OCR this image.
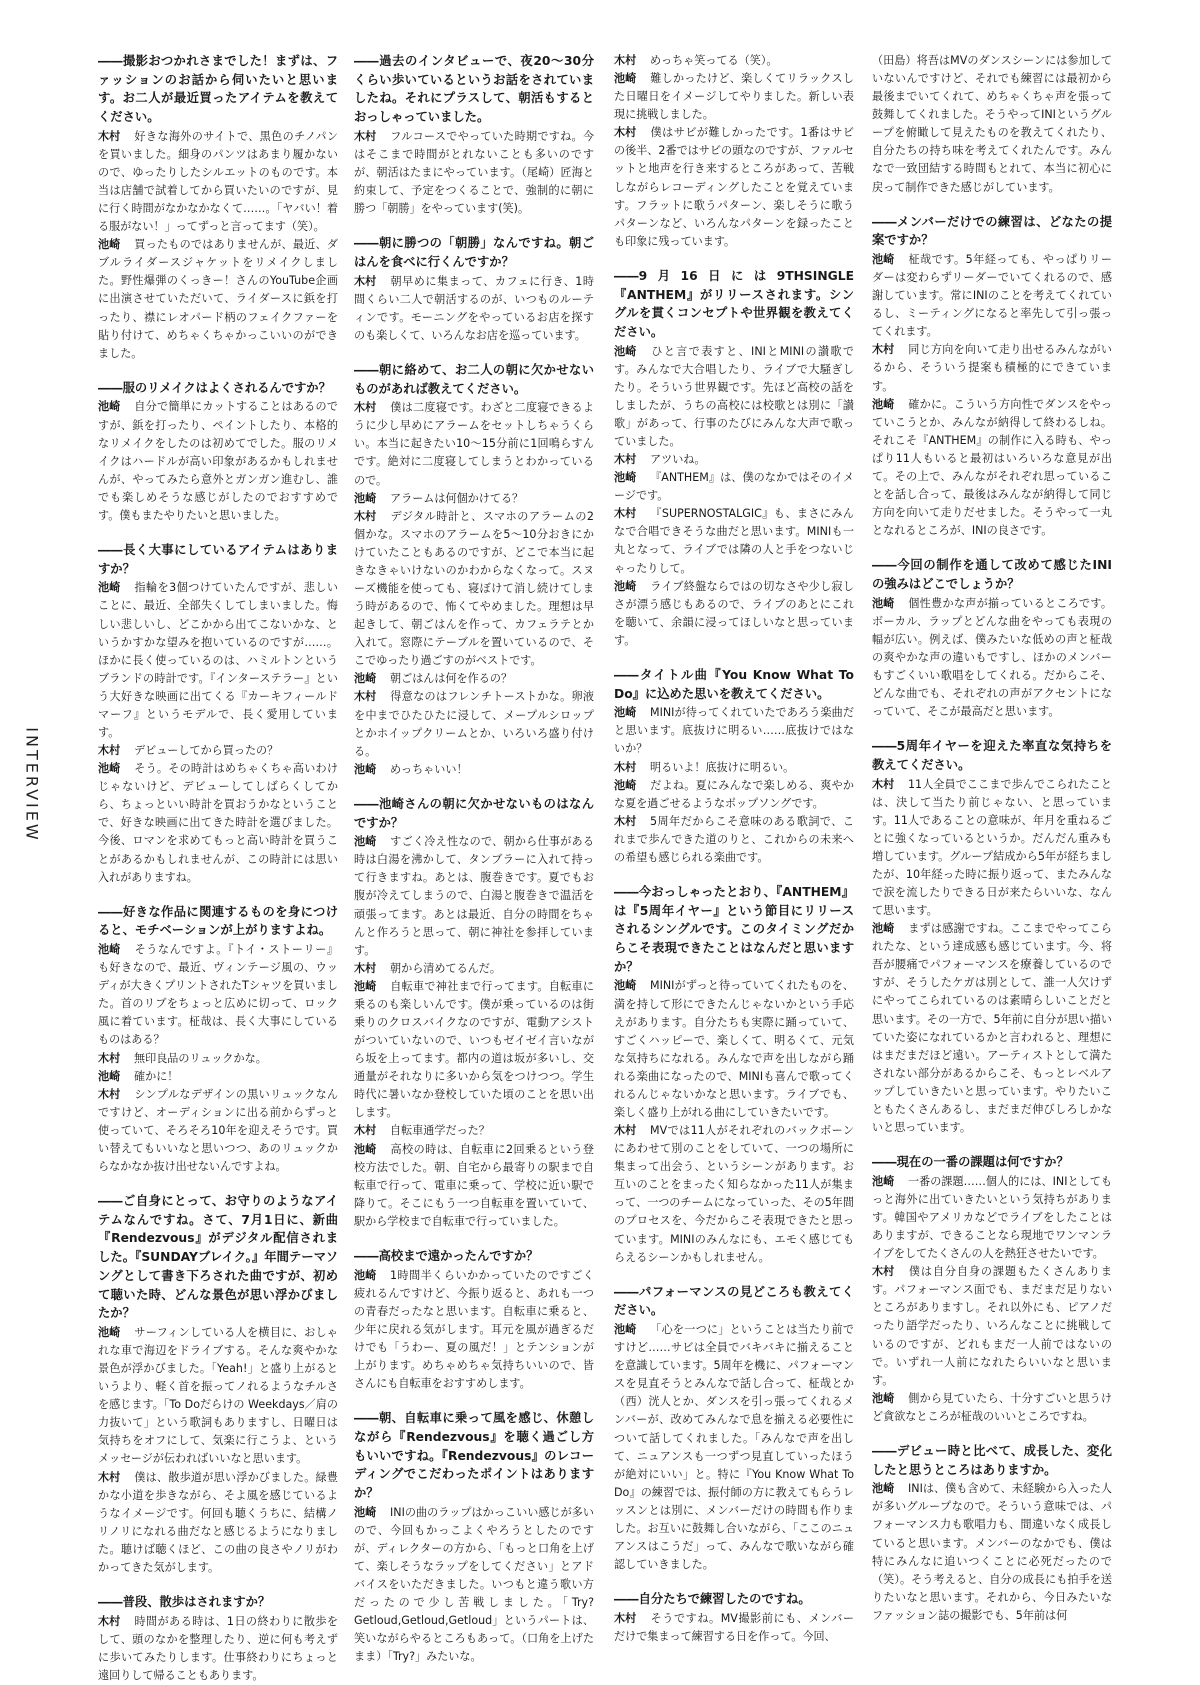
INTERVIEW

――撮影おつかれさまでした！まずは、ファッションのお話から伺いたいと思います。お二人が最近買ったアイテムを教えてください。

木村 好きな海外のサイトで、黒色のチノパンを買いました。細身のパンツはあまり履かないので、ゆったりしたシルエットのものです。本当は店舗で試着してから買いたいのですが、見に行く時間がなかなかなくて……。「ヤバい！着る服がない！」ってずっと言ってます（笑）。

池崎 買ったものではありませんが、最近、ダブルライダースジャケットをリメイクしました。野性爆弾のくっきー！さんのYouTube企画に出演させていただいて、ライダースに鋲を打ったり、襟にレオパード柄のフェイクファーを貼り付けて、めちゃくちゃかっこいいのができました。

――服のリメイクはよくされるんですか？

池崎 自分で簡単にカットすることはあるのですが、鋲を打ったり、ペイントしたり、本格的なリメイクをしたのは初めてでした。服のリメイクはハードルが高い印象があるかもしれませんが、やってみたら意外とガンガン進むし、誰でも楽しめそうな感じがしたのでおすすめです。僕もまたやりたいと思いました。

――長く大事にしているアイテムはありますか？

池崎 指輪を3個つけていたんですが、悲しいことに、最近、全部失くしてしまいました。悔しい悲しいし、どこかから出てこないかな、というかすかな望みを抱いているのですが……。ほかに長く使っているのは、ハミルトンというブランドの時計です。『インターステラー』という大好きな映画に出てくる『カーキフィールドマーフ』というモデルで、長く愛用しています。

木村 デビューしてから買ったの？

池崎 そう。その時計はめちゃくちゃ高いわけじゃないけど、デビューしてしばらくしてから、ちょっといい時計を買おうかなということで、好きな映画に出てきた時計を選びました。今後、ロマンを求めてもっと高い時計を買うことがあるかもしれませんが、この時計には思い入れがありますね。

――好きな作品に関連するものを身につけると、モチベーションが上がりますよね。

池崎 そうなんですよ。『トイ・ストーリー』も好きなので、最近、ヴィンテージ風の、ウッディが大きくプリントされたTシャツを買いました。首のリブをちょっと広めに切って、ロック風に着ています。柾哉は、長く大事にしているものはある？

木村 無印良品のリュックかな。

池崎 確かに！

木村 シンプルなデザインの黒いリュックなんですけど、オーディションに出る前からずっと使っていて、そろそろ10年を迎えそうです。買い替えてもいいなと思いつつ、あのリュックからなかなか抜け出せないんですよね。

――ご自身にとって、お守りのようなアイテムなんですね。さて、7月1日に、新曲『Rendezvous』がデジタル配信されました。『SUNDAYブレイク。』年間テーマソングとして書き下ろされた曲ですが、初めて聴いた時、どんな景色が思い浮かびましたか？

池崎 サーフィンしている人を横目に、おしゃれな車で海辺をドライブする。そんな爽やかな景色が浮かびました。「Yeah!」と盛り上がるというより、軽く首を振ってノれるようなチルさを感じます。「To Doだらけの Weekdays／肩の力抜いて」という歌詞もありますし、日曜日は気持ちをオフにして、気楽に行こうよ、というメッセージが伝わればいいなと思います。

木村 僕は、散歩道が思い浮かびました。緑豊かな小道を歩きながら、そよ風を感じているようなイメージです。何回も聴くうちに、結構ノリノリになれる曲だなと感じるようになりました。聴けば聴くほど、この曲の良さやノリがわかってきた気がします。

――普段、散歩はされますか？

木村 時間がある時は、1日の終わりに散歩をして、頭のなかを整理したり、逆に何も考えずに歩いてみたりします。仕事終わりにちょっと遠回りして帰ることもあります。

――過去のインタビューで、夜20〜30分くらい歩いているというお話をされていましたね。それにプラスして、朝活もするとおっしゃっていました。

木村 フルコースでやっていた時期ですね。今はそこまで時間がとれないことも多いのですが、朝活はたまにやっています。（尾崎）匠海と約束して、予定をつくることで、強制的に朝に勝つ「朝勝」をやっています(笑)。

――朝に勝つの「朝勝」なんですね。朝ごはんを食べに行くんですか？

木村 朝早めに集まって、カフェに行き、1時間くらい二人で朝活するのが、いつものルーティンです。モーニングをやっているお店を探すのも楽しくて、いろんなお店を巡っています。

――朝に絡めて、お二人の朝に欠かせないものがあれば教えてください。

木村 僕は二度寝です。わざと二度寝できるように少し早めにアラームをセットしちゃうくらい。本当に起きたい10〜15分前に1回鳴らすんです。絶対に二度寝してしまうとわかっているので。

池崎 アラームは何個かけてる？

木村 デジタル時計と、スマホのアラームの2個かな。スマホのアラームを5〜10分おきにかけていたこともあるのですが、どこで本当に起きなきゃいけないのかわからなくなって。スヌーズ機能を使っても、寝ぼけて消し続けてしまう時があるので、怖くてやめました。理想は早起きして、朝ごはんを作って、カフェラテとか入れて。窓際にテーブルを置いているので、そこでゆったり過ごすのがベストです。

池崎 朝ごはんは何を作るの？

木村 得意なのはフレンチトーストかな。卵液を中までひたひたに浸して、メープルシロップとかホイップクリームとか、いろいろ盛り付ける。

池崎 めっちゃいい！

――池崎さんの朝に欠かせないものはなんですか？

池崎 すごく冷え性なので、朝から仕事がある時は白湯を沸かして、タンブラーに入れて持って行きますね。あとは、腹巻きです。夏でもお腹が冷えてしまうので、白湯と腹巻きで温活を頑張ってます。あとは最近、自分の時間をちゃんと作ろうと思って、朝に神社を参拝しています。

木村 朝から清めてるんだ。

池崎 自転車で神社まで行ってます。自転車に乗るのも楽しいんです。僕が乗っているのは街乗りのクロスバイクなのですが、電動アシストがついていないので、いつもゼイゼイ言いながら坂を上ってます。都内の道は坂が多いし、交通量がそれなりに多いから気をつけつつ。学生時代に暑いなか登校していた頃のことを思い出します。

木村 自転車通学だった？

池崎 高校の時は、自転車に2回乗るという登校方法でした。朝、自宅から最寄りの駅まで自転車で行って、電車に乗って、学校に近い駅で降りて。そこにもう一つ自転車を置いていて、駅から学校まで自転車で行っていました。

――高校まで遠かったんですか？

池崎 1時間半くらいかかっていたのですごく疲れるんですけど、今振り返ると、あれも一つの青春だったなと思います。自転車に乗ると、少年に戻れる気がします。耳元を風が過ぎるだけでも「うわー、夏の風だ！」とテンションが上がります。めちゃめちゃ気持ちいいので、皆さんにも自転車をおすすめします。

――朝、自転車に乗って風を感じ、休憩しながら『Rendezvous』を聴く過ごし方もいいですね。『Rendezvous』のレコーディングでこだわったポイントはありますか？

池崎 INIの曲のラップはかっこいい感じが多いので、今回もかっこよくやろうとしたのですが、ディレクターの方から、「もっと口角を上げて、楽しそうなラップをしてください」とアドバイスをいただきました。いつもと違う歌い方だったので少し苦戦しました。「Try?Getloud,Getloud,Getloud」というパートは、笑いながらやるところもあって。（口角を上げたまま）「Try?」みたいな。

木村 めっちゃ笑ってる（笑）。

池崎 難しかったけど、楽しくてリラックスした日曜日をイメージしてやりました。新しい表現に挑戦しました。

木村 僕はサビが難しかったです。1番はサビの後半、2番ではサビの頭なのですが、ファルセットと地声を行き来するところがあって、苦戦しながらレコーディングしたことを覚えています。フラットに歌うパターン、楽しそうに歌うパターンなど、いろんなパターンを録ったことも印象に残っています。

――9月16日には9THSINGLE『ANTHEM』がリリースされます。シングルを貫くコンセプトや世界観を教えてください。

池崎 ひと言で表すと、INIとMINIの讃歌です。みんなで大合唱したり、ライブで大騒ぎしたり。そういう世界観です。先ほど高校の話をしましたが、うちの高校には校歌とは別に「讃歌」があって、行事のたびにみんな大声で歌っていました。

木村 アツいね。

池崎 『ANTHEM』は、僕のなかではそのイメージです。

木村 『SUPERNOSTALGIC』も、まさにみんなで合唱できそうな曲だと思います。MINIも一丸となって、ライブでは隣の人と手をつないじゃったりして。

池崎 ライブ終盤ならではの切なさや少し寂しさが漂う感じもあるので、ライブのあとにこれを聴いて、余韻に浸ってほしいなと思っています。

――タイトル曲『You Know What To Do』に込めた思いを教えてください。

池崎 MINIが待ってくれていたであろう楽曲だと思います。底抜けに明るい……底抜けではないか？

木村 明るいよ！底抜けに明るい。

池崎 だよね。夏にみんなで楽しめる、爽やかな夏を過ごせるようなポップソングです。

木村 5周年だからこそ意味のある歌詞で、これまで歩んできた道のりと、これからの未来への希望も感じられる楽曲です。

――今おっしゃったとおり、『ANTHEM』は『5周年イヤー』という節目にリリースされるシングルです。このタイミングだからこそ表現できたことはなんだと思いますか？

池崎 MINIがずっと待っていてくれたものを、満を持して形にできたんじゃないかという手応えがあります。自分たちも実際に踊っていて、すごくハッピーで、楽しくて、明るくて、元気な気持ちになれる。みんなで声を出しながら踊れる楽曲になったので、MINIも喜んで歌ってくれるんじゃないかなと思います。ライブでも、楽しく盛り上がれる曲にしていきたいです。

木村 MVでは11人がそれぞれのバックボーンにあわせて別のことをしていて、一つの場所に集まって出会う、というシーンがあります。お互いのことをまったく知らなかった11人が集まって、一つのチームになっていった、その5年間のプロセスを、今だからこそ表現できたと思っています。MINIのみんなにも、エモく感じてもらえるシーンかもしれません。

――パフォーマンスの見どころも教えてください。

池崎 「心を一つに」ということは当たり前ですけど……サビは全員でバキバキに揃えることを意識しています。5周年を機に、パフォーマンスを見直そうとみんなで話し合って、柾哉とか（西）洸人とか、ダンスを引っ張ってくれるメンバーが、改めてみんなで息を揃える必要性について話してくれました。「みんなで声を出して、ニュアンスも一つずつ見直していったほうが絶対にいい」と。特に『You Know What To Do』の練習では、振付師の方に教えてもらうレッスンとは別に、メンバーだけの時間も作りました。お互いに鼓舞し合いながら、「ここのニュアンスはこうだ」って、みんなで歌いながら確認していきました。

――自分たちで練習したのですね。

木村 そうですね。MV撮影前にも、メンバーだけで集まって練習する日を作って。今回、

（田島）将吾はMVのダンスシーンには参加していないんですけど、それでも練習には最初から最後までいてくれて、めちゃくちゃ声を張って鼓舞してくれました。そうやってINIというグループを俯瞰して見えたものを教えてくれたり、自分たちの持ち味を考えてくれたんです。みんなで一致団結する時間もとれて、本当に初心に戻って制作できた感じがしています。

――メンバーだけでの練習は、どなたの提案ですか？

池崎 柾哉です。5年経っても、やっぱりリーダーは変わらずリーダーでいてくれるので、感謝しています。常にINIのことを考えてくれているし、ミーティングになると率先して引っ張ってくれます。

木村 同じ方向を向いて走り出せるみんながいるから、そういう提案も積極的にできています。

池崎 確かに。こういう方向性でダンスをやっていこうとか、みんなが納得して終わるしね。それこそ『ANTHEM』の制作に入る時も、やっぱり11人もいると最初はいろいろな意見が出て。その上で、みんながそれぞれ思っていることを話し合って、最後はみんなが納得して同じ方向を向いて走りだせました。そうやって一丸となれるところが、INIの良さです。

――今回の制作を通して改めて感じたINIの強みはどこでしょうか？

池崎 個性豊かな声が揃っているところです。ボーカル、ラップとどんな曲をやっても表現の幅が広い。例えば、僕みたいな低めの声と柾哉の爽やかな声の違いもですし、ほかのメンバーもすごくいい歌唱をしてくれる。だからこそ、どんな曲でも、それぞれの声がアクセントになっていて、そこが最高だと思います。

――5周年イヤーを迎えた率直な気持ちを教えてください。

木村 11人全員でここまで歩んでこられたことは、決して当たり前じゃない、と思っています。11人であることの意味が、年月を重ねるごとに強くなっているというか。だんだん重みも増しています。グループ結成から5年が経ちましたが、10年経った時に振り返って、またみんなで涙を流したりできる日が来たらいいな、なんて思います。

池崎 まずは感謝ですね。ここまでやってこられたな、という達成感も感じています。今、将吾が腰痛でパフォーマンスを療養しているのですが、そうしたケガは別として、誰一人欠けずにやってこられているのは素晴らしいことだと思います。その一方で、5年前に自分が思い描いていた姿になれているかと言われると、理想にはまだまだほど遠い。アーティストとして満たされない部分があるからこそ、もっとレベルアップしていきたいと思っています。やりたいこともたくさんあるし、まだまだ伸びしろしかないと思っています。

――現在の一番の課題は何ですか？

池崎 一番の課題……個人的には、INIとしてもっと海外に出ていきたいという気持ちがあります。韓国やアメリカなどでライブをしたことはありますが、できることなら現地でワンマンライブをしてたくさんの人を熱狂させたいです。

木村 僕は自分自身の課題もたくさんあります。パフォーマンス面でも、まだまだ足りないところがありますし。それ以外にも、ピアノだったり語学だったり、いろんなことに挑戦しているのですが、どれもまだ一人前ではないので。いずれ一人前になれたらいいなと思います。

池崎 側から見ていたら、十分すごいと思うけど貪欲なところが柾哉のいいところですね。

――デビュー時と比べて、成長した、変化したと思うところはありますか。

池崎 INIは、僕も含めて、未経験から入った人が多いグループなので。そういう意味では、パフォーマンス力も歌唱力も、間違いなく成長していると思います。メンバーのなかでも、僕は特にみんなに追いつくことに必死だったので（笑）。そう考えると、自分の成長にも拍手を送りたいなと思います。それから、今日みたいなファッション誌の撮影でも、5年前は何
